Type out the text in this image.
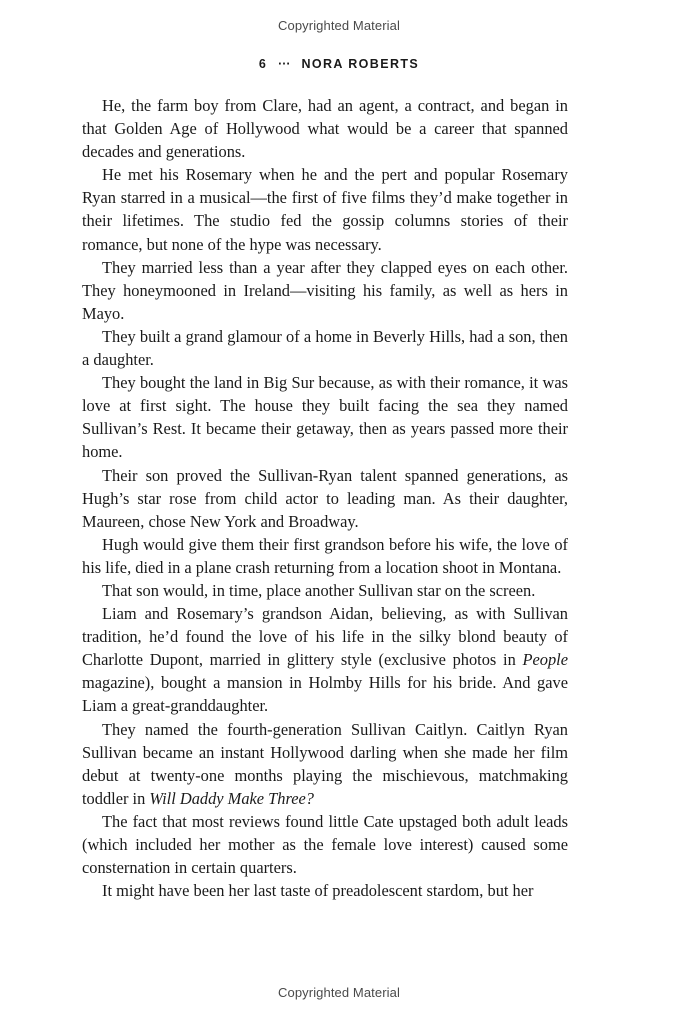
Copyrighted Material
6 ··· NORA ROBERTS

He, the farm boy from Clare, had an agent, a contract, and began in that Golden Age of Hollywood what would be a career that spanned decades and generations.

He met his Rosemary when he and the pert and popular Rosemary Ryan starred in a musical—the first of five films they’d make together in their lifetimes. The studio fed the gossip columns stories of their romance, but none of the hype was necessary.

They married less than a year after they clapped eyes on each other. They honeymooned in Ireland—visiting his family, as well as hers in Mayo.

They built a grand glamour of a home in Beverly Hills, had a son, then a daughter.

They bought the land in Big Sur because, as with their romance, it was love at first sight. The house they built facing the sea they named Sullivan’s Rest. It became their getaway, then as years passed more their home.

Their son proved the Sullivan-Ryan talent spanned generations, as Hugh’s star rose from child actor to leading man. As their daughter, Maureen, chose New York and Broadway.

Hugh would give them their first grandson before his wife, the love of his life, died in a plane crash returning from a location shoot in Montana.

That son would, in time, place another Sullivan star on the screen.

Liam and Rosemary’s grandson Aidan, believing, as with Sullivan tradition, he’d found the love of his life in the silky blond beauty of Charlotte Dupont, married in glittery style (exclusive photos in People magazine), bought a mansion in Holmby Hills for his bride. And gave Liam a great-granddaughter.

They named the fourth-generation Sullivan Caitlyn. Caitlyn Ryan Sullivan became an instant Hollywood darling when she made her film debut at twenty-one months playing the mischievous, matchmaking toddler in Will Daddy Make Three?

The fact that most reviews found little Cate upstaged both adult leads (which included her mother as the female love interest) caused some consternation in certain quarters.

It might have been her last taste of preadolescent stardom, but her

Copyrighted Material
